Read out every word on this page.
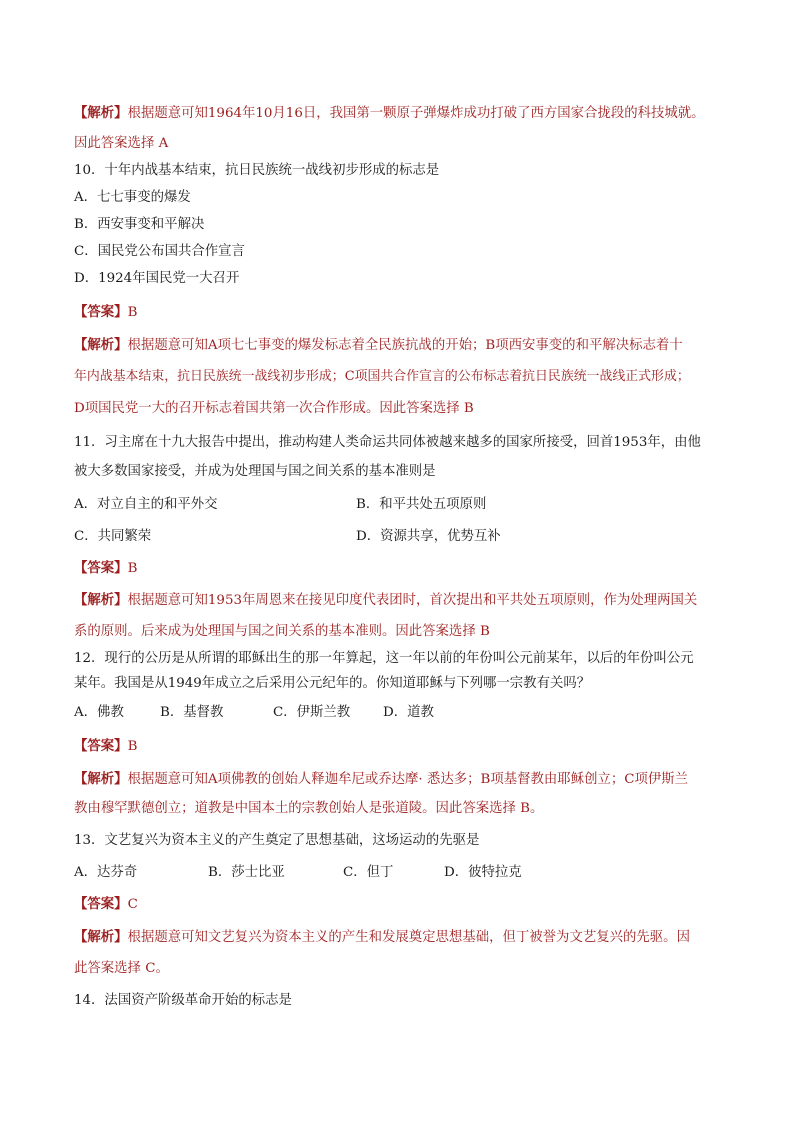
【解析】根据题意可知1964年10月16日，我国第一颗原子弹爆炸成功打破了西方国家合拢段的科技城就。
因此答案选择 A
10．十年内战基本结束，抗日民族统一战线初步形成的标志是
A．七七事变的爆发
B．西安事变和平解决
C．国民党公布国共合作宣言
D．1924年国民党一大召开
【答案】B
【解析】根据题意可知A项七七事变的爆发标志着全民族抗战的开始；B项西安事变的和平解决标志着十
年内战基本结束，抗日民族统一战线初步形成；C项国共合作宣言的公布标志着抗日民族统一战线正式形成；
D项国民党一大的召开标志着国共第一次合作形成。因此答案选择 B
11．习主席在十九大报告中提出，推动构建人类命运共同体被越来越多的国家所接受，回首1953年，由他
被大多数国家接受，并成为处理国与国之间关系的基本准则是
A．对立自主的和平外交	B．和平共处五项原则
C．共同繁荣	D．资源共享，优势互补
【答案】B
【解析】根据题意可知1953年周恩来在接见印度代表团时，首次提出和平共处五项原则，作为处理两国关
系的原则。后来成为处理国与国之间关系的基本准则。因此答案选择 B
12．现行的公历是从所谓的耶稣出生的那一年算起，这一年以前的年份叫公元前某年，以后的年份叫公元
某年。我国是从1949年成立之后采用公元纪年的。你知道耶稣与下列哪一宗教有关吗？
A．佛教	B．基督教	C．伊斯兰教 D．道教
【答案】B
【解析】根据题意可知A项佛教的创始人释迦牟尼或乔达摩· 悉达多；B项基督教由耶稣创立；C项伊斯兰
教由穆罕默德创立；道教是中国本土的宗教创始人是张道陵。因此答案选择 B。
13．文艺复兴为资本主义的产生奠定了思想基础，这场运动的先驱是
A．达芬奇	B．莎士比亚	C．但丁	D．彼特拉克
【答案】C
【解析】根据题意可知文艺复兴为资本主义的产生和发展奠定思想基础，但丁被誉为文艺复兴的先驱。因
此答案选择 C。
14．法国资产阶级革命开始的标志是
